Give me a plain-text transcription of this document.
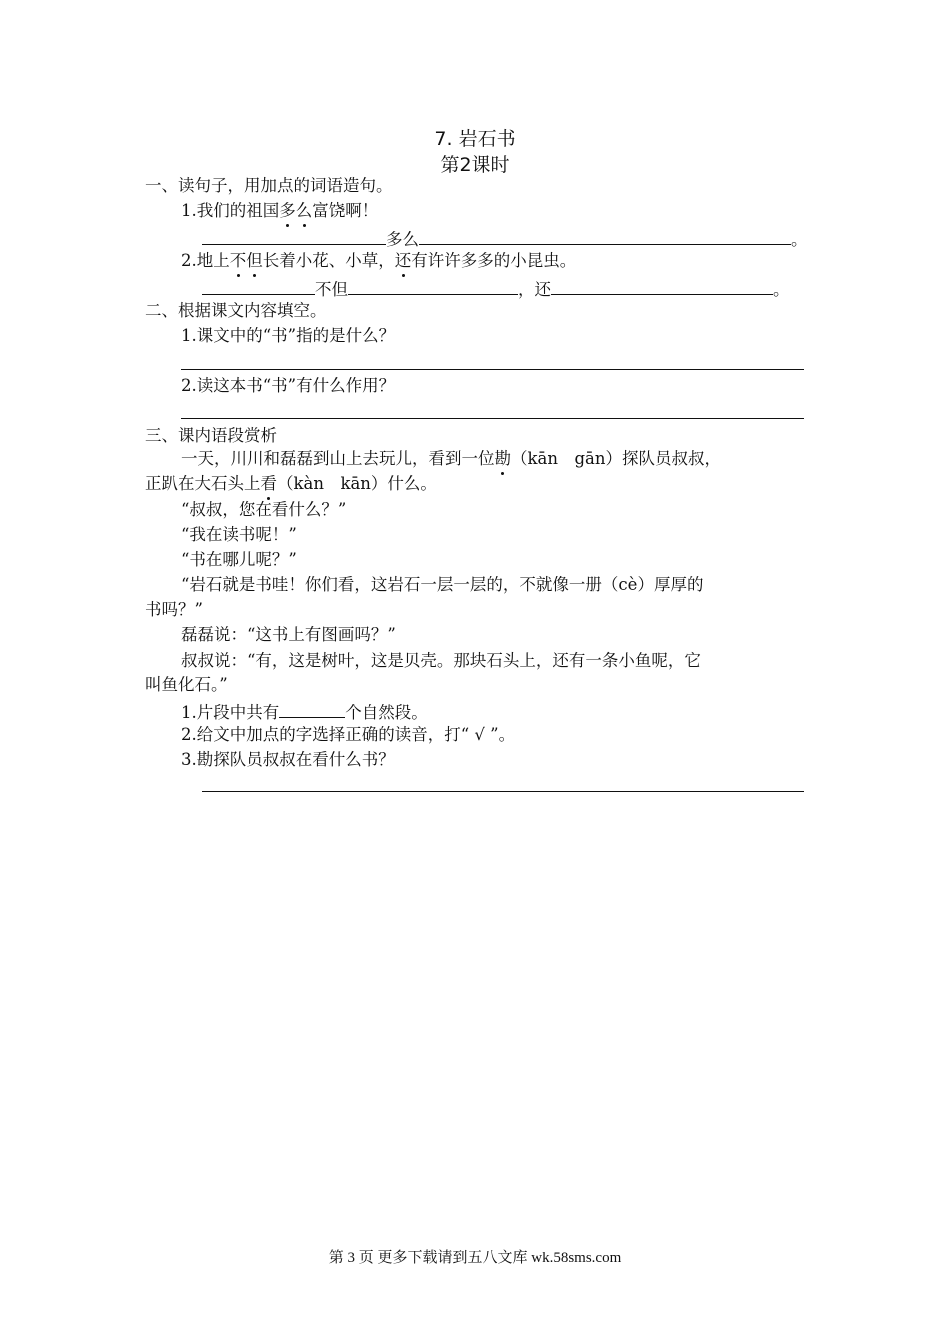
7. 岩石书
第2课时
一、读句子，用加点的词语造句。
1.我们的祖国多么富饶啊！
多么	。
2.地上不但长着小花、小草，还有许许多多的小昆虫。
不但	，还	。
二、根据课文内容填空。
1.课文中的“书”指的是什么？
2.读这本书“书”有什么作用？
三、课内语段赏析
一天，川川和磊磊到山上去玩儿，看到一位勘（kān　gān）探队员叔叔，
正趴在大石头上看（kàn　kān）什么。
“叔叔，您在看什么？”
“我在读书呢！”
“书在哪儿呢？”
“岩石就是书哇！你们看，这岩石一层一层的，不就像一册（cè）厚厚的
书吗？”
磊磊说：“这书上有图画吗？”
叔叔说：“有，这是树叶，这是贝壳。那块石头上，还有一条小鱼呢，它
叫鱼化石。”
1.片段中共有	个自然段。
2.给文中加点的字选择正确的读音，打“ √ ”。
3.勘探队员叔叔在看什么书？
第 3 页 更多下载请到五八文库 wk.58sms.com
